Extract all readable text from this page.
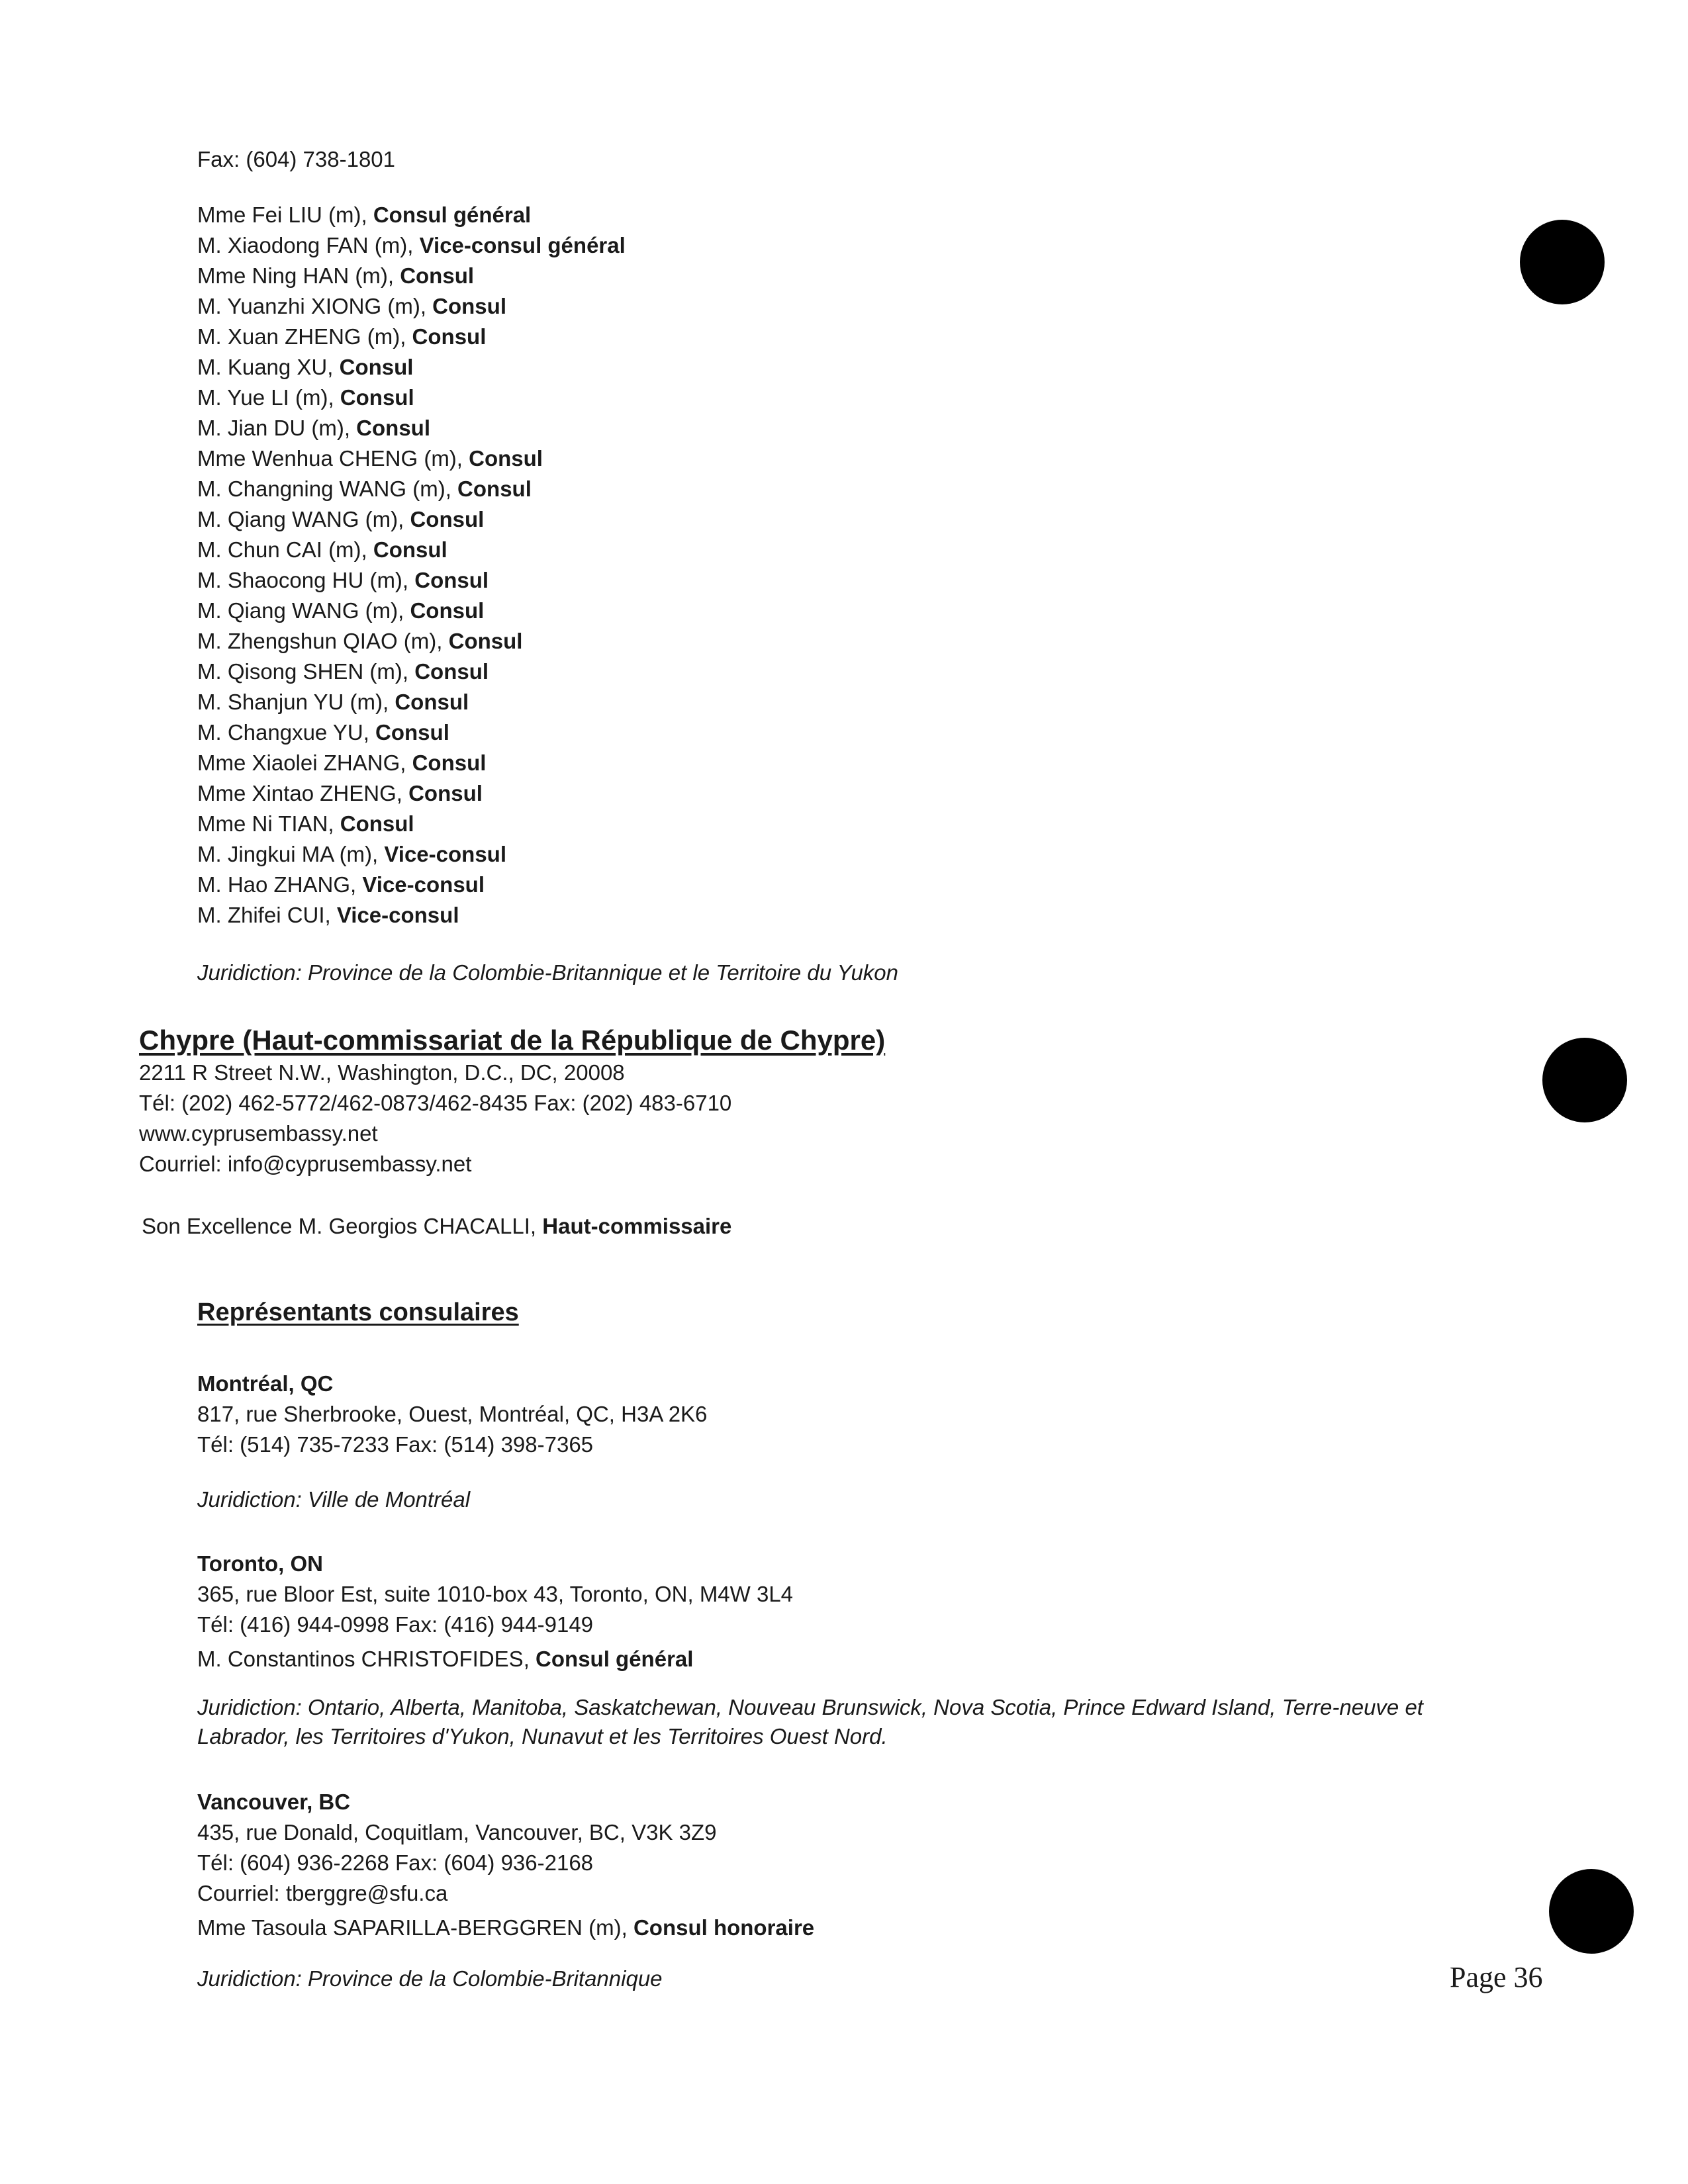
Fax: (604) 738-1801
Mme Fei LIU (m), Consul général
M. Xiaodong FAN (m), Vice-consul général
Mme Ning HAN (m), Consul
M. Yuanzhi XIONG (m), Consul
M. Xuan ZHENG (m), Consul
M. Kuang XU, Consul
M. Yue LI (m), Consul
M. Jian DU (m), Consul
Mme Wenhua CHENG (m), Consul
M. Changning WANG (m), Consul
M. Qiang WANG (m), Consul
M. Chun CAI (m), Consul
M. Shaocong HU (m), Consul
M. Qiang WANG (m), Consul
M. Zhengshun QIAO (m), Consul
M. Qisong SHEN (m), Consul
M. Shanjun YU (m), Consul
M. Changxue YU, Consul
Mme Xiaolei ZHANG, Consul
Mme Xintao ZHENG, Consul
Mme Ni TIAN, Consul
M. Jingkui MA (m), Vice-consul
M. Hao ZHANG, Vice-consul
M. Zhifei CUI, Vice-consul
Juridiction: Province de la Colombie-Britannique et le Territoire du Yukon
Chypre (Haut-commissariat de la République de Chypre)
2211 R Street N.W., Washington, D.C., DC, 20008
Tél: (202) 462-5772/462-0873/462-8435 Fax: (202) 483-6710
www.cyprusembassy.net
Courriel: info@cyprusembassy.net
Son Excellence M. Georgios CHACALLI, Haut-commissaire
Représentants consulaires
Montréal, QC
817, rue Sherbrooke, Ouest, Montréal, QC, H3A 2K6
Tél: (514) 735-7233 Fax: (514) 398-7365
Juridiction: Ville de Montréal
Toronto, ON
365, rue Bloor Est, suite 1010-box 43, Toronto, ON, M4W 3L4
Tél: (416) 944-0998 Fax: (416) 944-9149
M. Constantinos CHRISTOFIDES, Consul général
Juridiction: Ontario, Alberta, Manitoba, Saskatchewan, Nouveau Brunswick, Nova Scotia, Prince Edward Island, Terre-neuve et Labrador, les Territoires d'Yukon, Nunavut et les Territoires Ouest Nord.
Vancouver, BC
435, rue Donald, Coquitlam, Vancouver, BC, V3K 3Z9
Tél: (604) 936-2268 Fax: (604) 936-2168
Courriel: tberggre@sfu.ca
Mme Tasoula SAPARILLA-BERGGREN (m), Consul honoraire
Juridiction: Province de la Colombie-Britannique	Page 36
